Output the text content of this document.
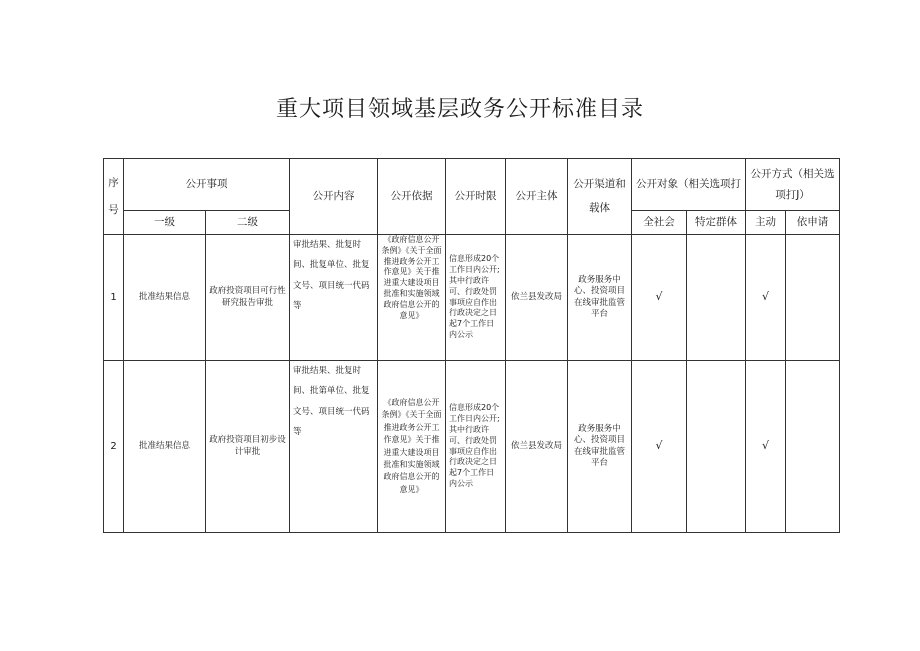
重大项目领域基层政务公开标准目录
序
号	公开事项		公开内容	公开依据	公开时限	公开主体	公开渠道和载体	公开对象（相关选项打		公开方式（相关选项打J）	
	一级	二级						全社会	特定群体	主动	依申请
1	批准结果信息	政府投资项目可行性研究报告审批	审批结果、批复时间、批复单位、批复文号、项目统一代码等	《政府信息公开条例》《关于全面推进政务公开工作意见》关于推进重大建设项目批准和实施领域政府信息公开的意见》	信息形成20个工作日内公开;其中行政许可、行政处罚事项应自作出行政决定之日起7个工作日内公示	依兰县发改局	政务服务中心、投资项目在线审批监管平台	√		√	
2	批准结果信息	政府投资项目初步设计审批	审批结果、批复时间、批第单位、批复文号、项目统一代码等	《政府信息公开条例》《关于全面推进政务公开工作意见》关于推进重大建设项目批准和实施领域政府信息公开的意见》	信息形成20个工作日内公开;其中行政许可、行政处罚事项应自作出行政决定之日起7个工作日内公示	依兰县发改局	政务服务中心、投资项目在线审批监管平台	√		√	
